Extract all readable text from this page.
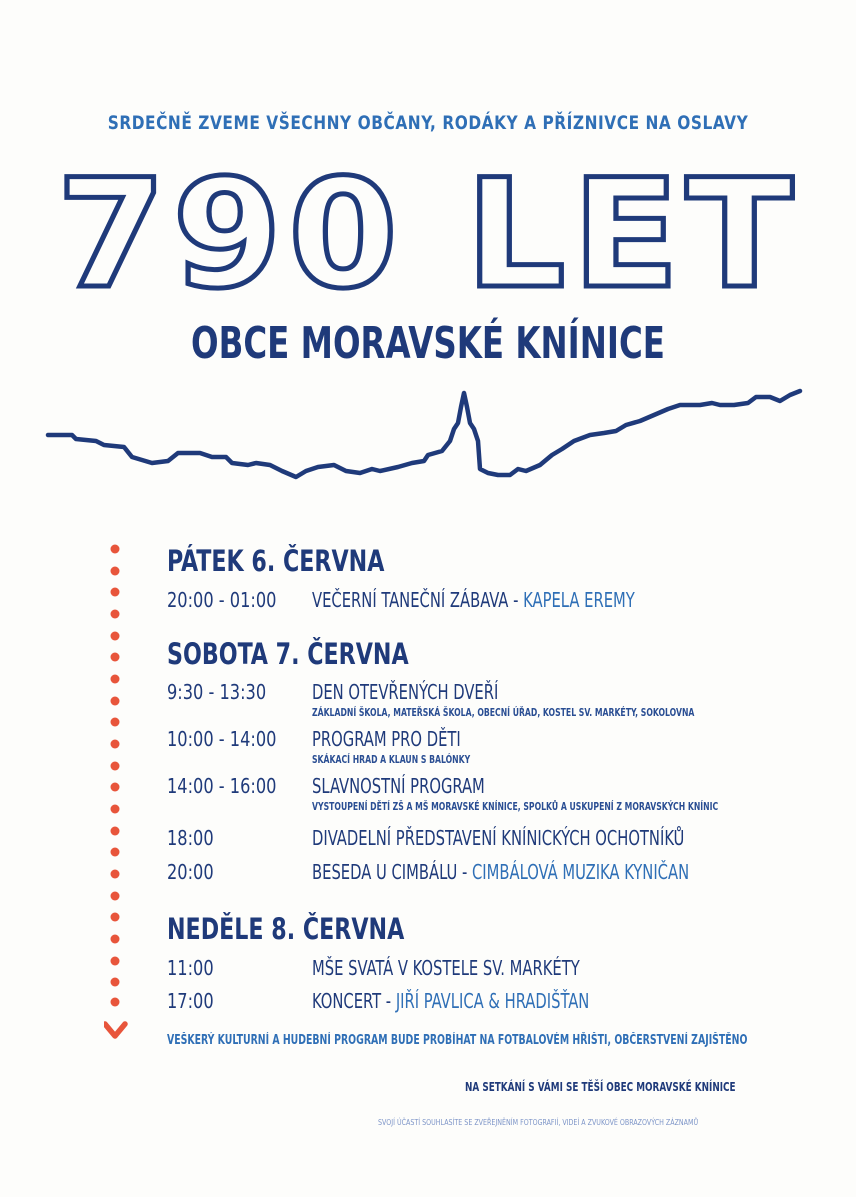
SRDEČNĚ ZVEME VŠECHNY OBČANY, RODÁKY A PŘÍZNIVCE NA OSLAVY
790 LET
OBCE MORAVSKÉ KNÍNICE
PÁTEK 6. ČERVNA
20:00 - 01:00 VEČERNÍ TANEČNÍ ZÁBAVA - KAPELA EREMY
SOBOTA 7. ČERVNA
9:30 - 13:30 DEN OTEVŘENÝCH DVEŘÍ
ZÁKLADNÍ ŠKOLA, MATEŘSKÁ ŠKOLA, OBECNÍ ÚŘAD, KOSTEL SV. MARKÉTY, SOKOLOVNA
10:00 - 14:00 PROGRAM PRO DĚTI
SKÁKACÍ HRAD A KLAUN S BALÓNKY
14:00 - 16:00 SLAVNOSTNÍ PROGRAM
VYSTOUPENÍ DĚTÍ ZŠ A MŠ MORAVSKÉ KNÍNICE, SPOLKŮ A USKUPENÍ Z MORAVSKÝCH KNÍNIC
18:00	DIVADELNÍ PŘEDSTAVENÍ KNÍNICKÝCH OCHOTNÍKŮ
20:00	BESEDA U CIMBÁLU - CIMBÁLOVÁ MUZIKA KYNIČAN
NEDĚLE 8. ČERVNA
11:00	MŠE SVATÁ V KOSTELE SV. MARKÉTY
17:00	KONCERT - JIŘÍ PAVLICA & HRADIŠŤAN
VEŠKERÝ KULTURNÍ A HUDEBNÍ PROGRAM BUDE PROBÍHAT NA FOTBALOVÉM HŘIŠTI, OBČERSTVENÍ ZAJIŠTĚNO
NA SETKÁNÍ S VÁMI SE TĚŠÍ OBEC MORAVSKÉ KNÍNICE
SVOJÍ ÚČASTÍ SOUHLASÍTE SE ZVEŘEJNĚNÍM FOTOGRAFIÍ, VIDEÍ A ZVUKOVÉ OBRAZOVÝCH ZÁZNAMŮ
